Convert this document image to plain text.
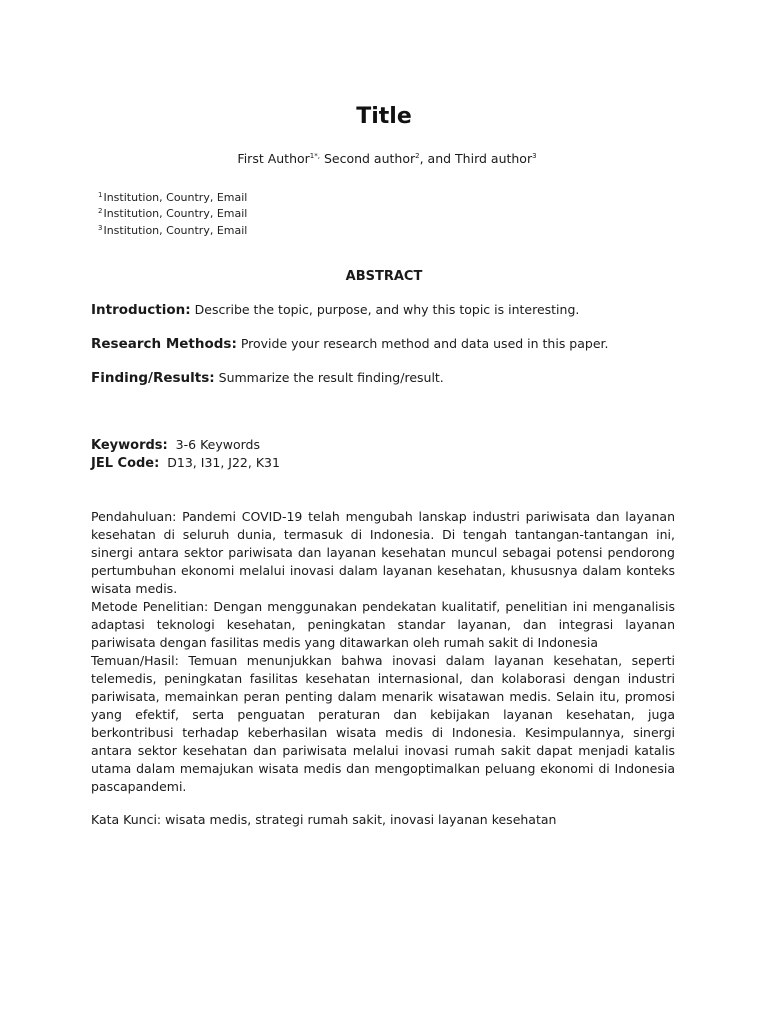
Title
First Author$^{1*,}$ Second author$^2$, and Third author$^3$
$^1$Institution, Country, Email
$^2$Institution, Country, Email
$^3$Institution, Country, Email
ABSTRACT
Introduction: Describe the topic, purpose, and why this topic is interesting.
Research Methods: Provide your research method and data used in this paper.
Finding/Results: Summarize the result finding/result.
Keywords:  3-6 Keywords
JEL Code:  D13, I31, J22, K31

Pendahuluan: Pandemi COVID-19 telah mengubah lanskap industri pariwisata dan layanan kesehatan di seluruh dunia, termasuk di Indonesia. Di tengah tantangan-tantangan ini, sinergi antara sektor pariwisata dan layanan kesehatan muncul sebagai potensi pendorong pertumbuhan ekonomi melalui inovasi dalam layanan kesehatan, khususnya dalam konteks wisata medis.

Metode Penelitian: Dengan menggunakan pendekatan kualitatif, penelitian ini menganalisis adaptasi teknologi kesehatan, peningkatan standar layanan, dan integrasi layanan pariwisata dengan fasilitas medis yang ditawarkan oleh rumah sakit di Indonesia

Temuan/Hasil: Temuan menunjukkan bahwa inovasi dalam layanan kesehatan, seperti telemedis, peningkatan fasilitas kesehatan internasional, dan kolaborasi dengan industri pariwisata, memainkan peran penting dalam menarik wisatawan medis. Selain itu, promosi yang efektif, serta penguatan peraturan dan kebijakan layanan kesehatan, juga berkontribusi terhadap keberhasilan wisata medis di Indonesia. Kesimpulannya, sinergi antara sektor kesehatan dan pariwisata melalui inovasi rumah sakit dapat menjadi katalis utama dalam memajukan wisata medis dan mengoptimalkan peluang ekonomi di Indonesia pascapandemi.

Kata Kunci: wisata medis, strategi rumah sakit, inovasi layanan kesehatan
